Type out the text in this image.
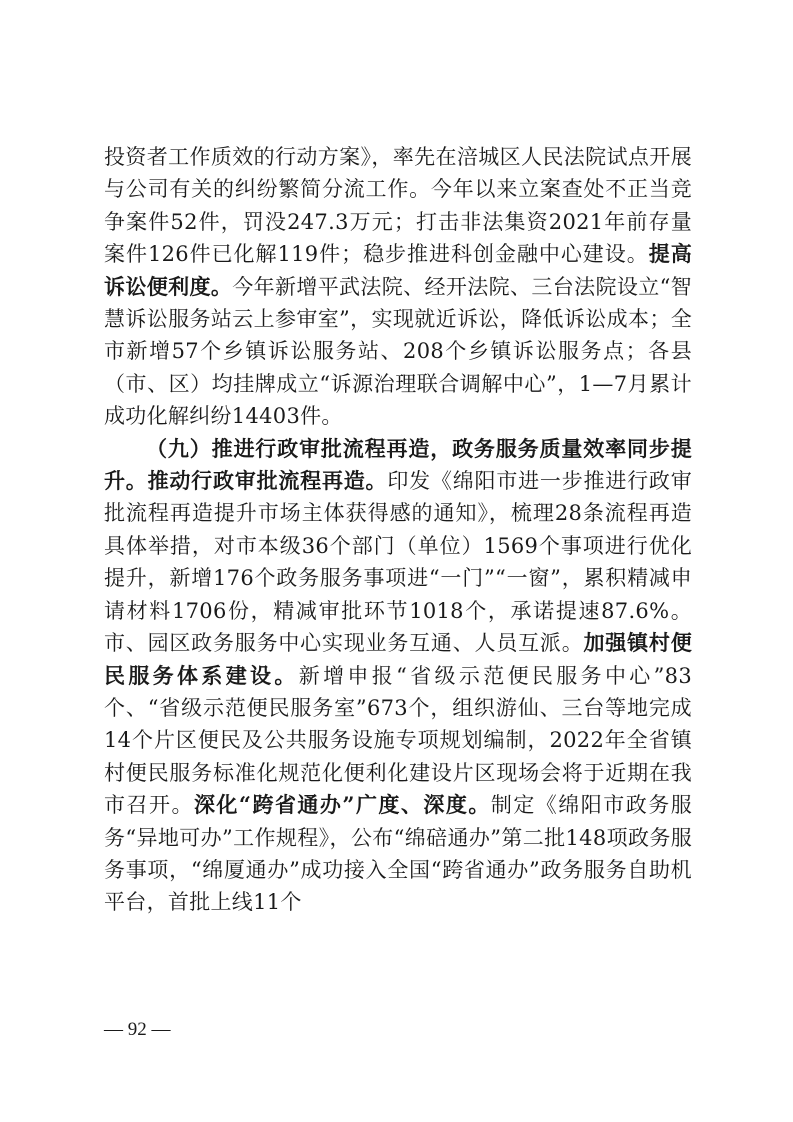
投资者工作质效的行动方案》，率先在涪城区人民法院试点开展与公司有关的纠纷繁简分流工作。今年以来立案查处不正当竞争案件52件，罚没247.3万元；打击非法集资2021年前存量案件126件已化解119件；稳步推进科创金融中心建设。提高诉讼便利度。今年新增平武法院、经开法院、三台法院设立“智慧诉讼服务站云上参审室”，实现就近诉讼，降低诉讼成本；全市新增57个乡镇诉讼服务站、208个乡镇诉讼服务点；各县（市、区）均挂牌成立“诉源治理联合调解中心”，1—7月累计成功化解纠纷14403件。

（九）推进行政审批流程再造，政务服务质量效率同步提升。推动行政审批流程再造。印发《绵阳市进一步推进行政审批流程再造提升市场主体获得感的通知》，梳理28条流程再造具体举措，对市本级36个部门（单位）1569个事项进行优化提升，新增176个政务服务事项进“一门”“一窗”，累积精减申请材料1706份，精减审批环节1018个，承诺提速87.6%。市、园区政务服务中心实现业务互通、人员互派。加强镇村便民服务体系建设。新增申报“省级示范便民服务中心”83个、“省级示范便民服务室”673个，组织游仙、三台等地完成14个片区便民及公共服务设施专项规划编制，2022年全省镇村便民服务标准化规范化便利化建设片区现场会将于近期在我市召开。深化“跨省通办”广度、深度。制定《绵阳市政务服务“异地可办”工作规程》，公布“绵碚通办”第二批148项政务服务事项，“绵厦通办”成功接入全国“跨省通办”政务服务自助机平台，首批上线11个

— 92 —
